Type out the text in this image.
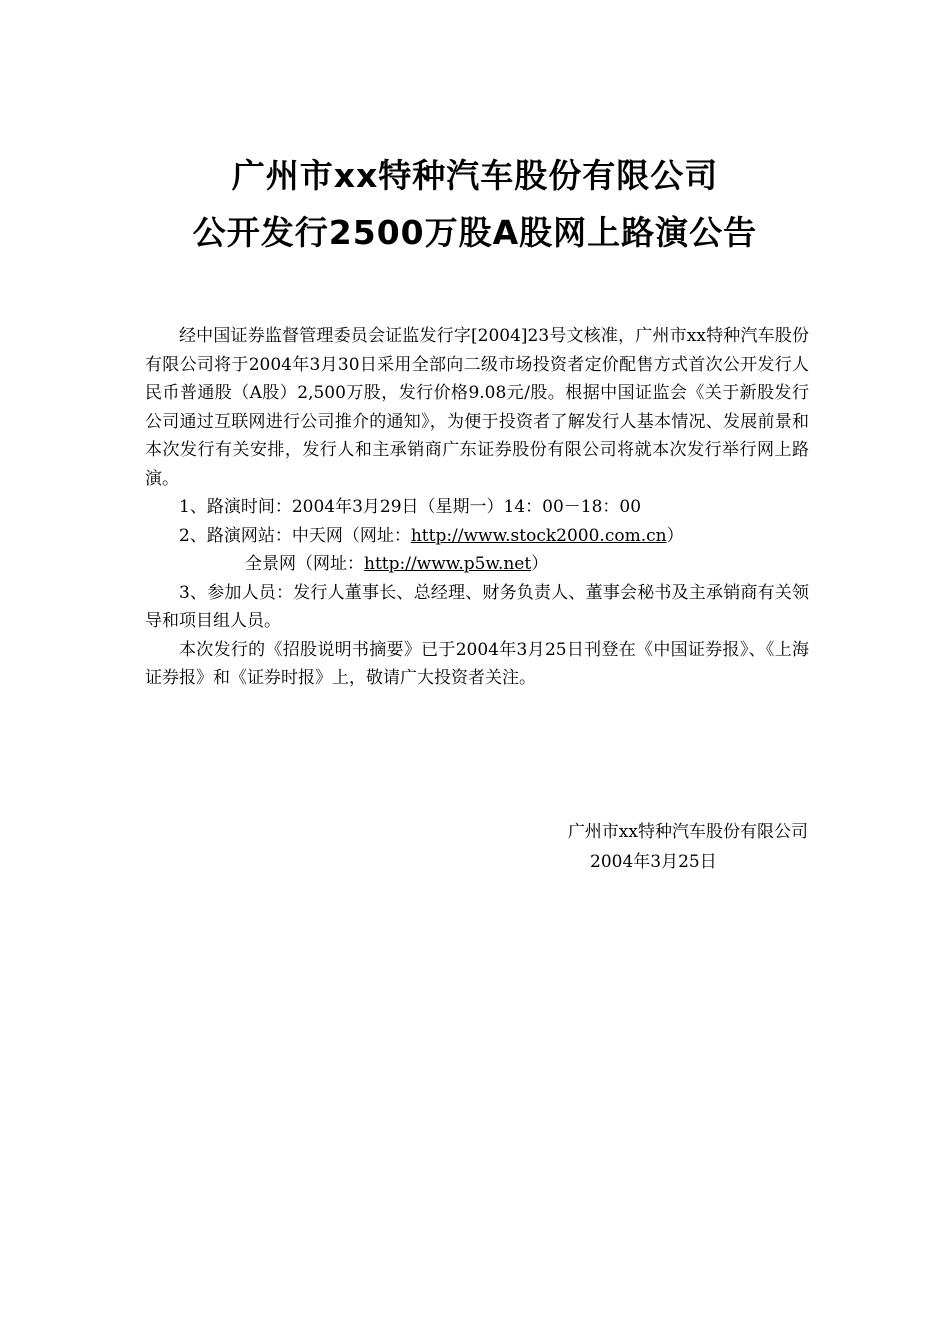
广州市xx特种汽车股份有限公司
公开发行2500万股A股网上路演公告

经中国证券监督管理委员会证监发行字[2004]23号文核准，广州市xx特种汽车股份有限公司将于2004年3月30日采用全部向二级市场投资者定价配售方式首次公开发行人民币普通股（A股）2,500万股，发行价格9.08元/股。根据中国证监会《关于新股发行公司通过互联网进行公司推介的通知》，为便于投资者了解发行人基本情况、发展前景和本次发行有关安排，发行人和主承销商广东证券股份有限公司将就本次发行举行网上路演。

1、路演时间：2004年3月29日（星期一）14：00－18：00

2、路演网站：中天网（网址：http://www.stock2000.com.cn）

全景网（网址：http://www.p5w.net）

3、参加人员：发行人董事长、总经理、财务负责人、董事会秘书及主承销商有关领导和项目组人员。

本次发行的《招股说明书摘要》已于2004年3月25日刊登在《中国证券报》、《上海证券报》和《证券时报》上，敬请广大投资者关注。

广州市xx特种汽车股份有限公司
2004年3月25日
